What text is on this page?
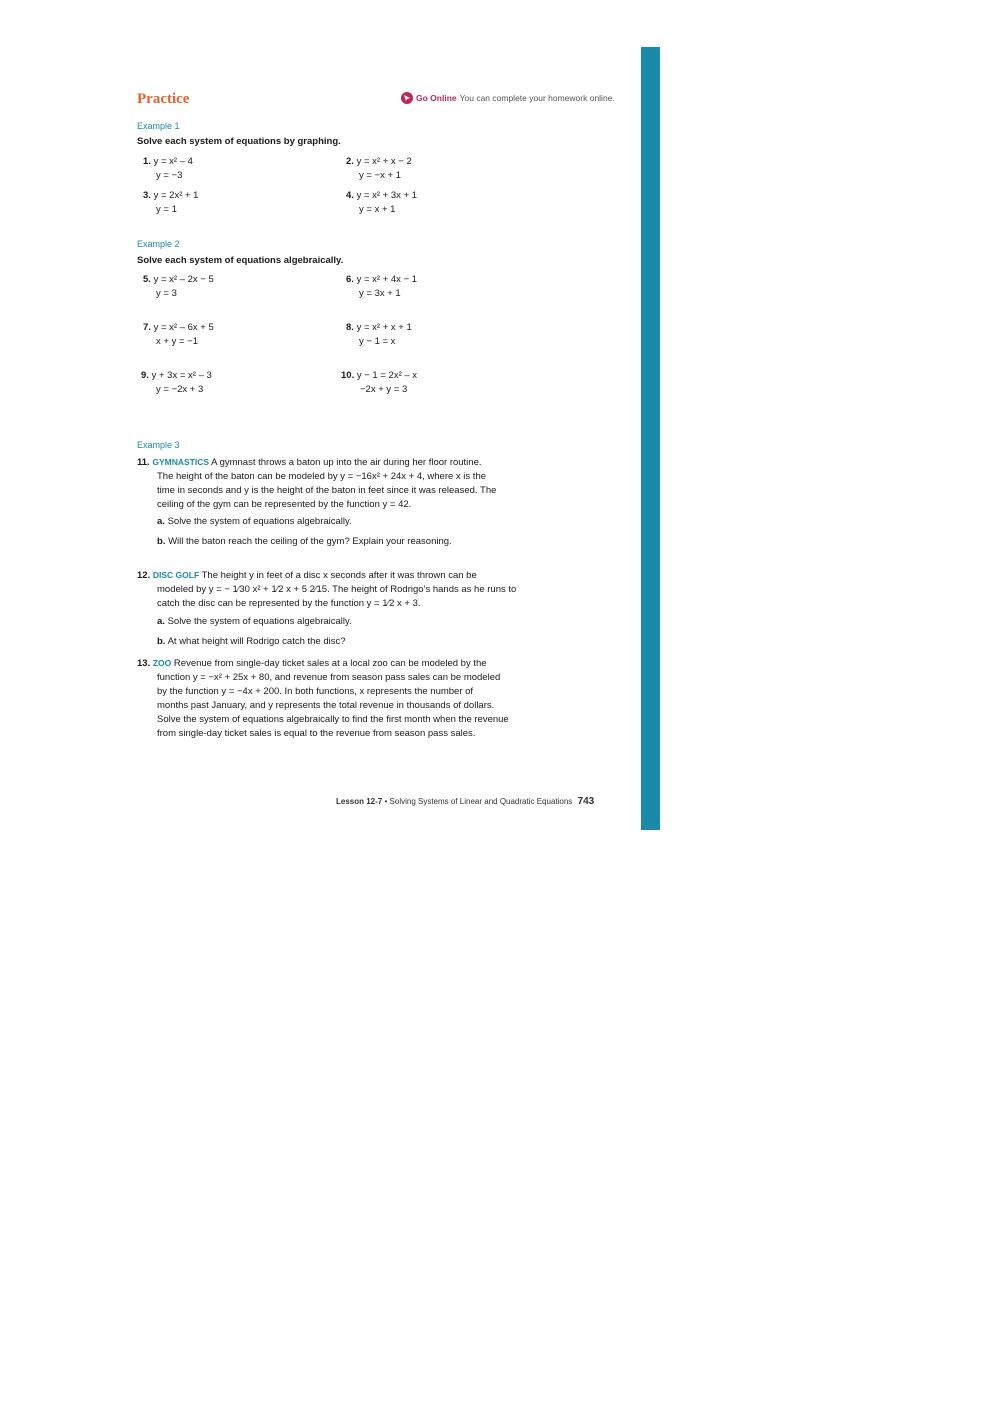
Practice	Go Online You can complete your homework online.
Example 1
Solve each system of equations by graphing.
1. y = x² – 4
y = −3
2. y = x² + x − 2
y = −x + 1
3. y = 2x² + 1
y = 1
4. y = x² + 3x + 1
y = x + 1
Example 2
Solve each system of equations algebraically.
5. y = x² – 2x − 5
y = 3
6. y = x² + 4x − 1
y = 3x + 1
7. y = x² – 6x + 5
x + y = −1
8. y = x² + x + 1
y − 1 = x
9. y + 3x = x² – 3
y = −2x + 3
10. y − 1 = 2x² – x
−2x + y = 3
Example 3
11. GYMNASTICS A gymnast throws a baton up into the air during her floor routine.
The height of the baton can be modeled by y = −16x² + 24x + 4, where x is the
time in seconds and y is the height of the baton in feet since it was released. The
ceiling of the gym can be represented by the function y = 42.
a. Solve the system of equations algebraically.
b. Will the baton reach the ceiling of the gym? Explain your reasoning.
12. DISC GOLF The height y in feet of a disc x seconds after it was thrown can be
modeled by y = − 1⁄30 x² + 1⁄2 x + 5 2⁄15. The height of Rodrigo’s hands as he runs to
catch the disc can be represented by the function y = 1⁄2 x + 3.
a. Solve the system of equations algebraically.
b. At what height will Rodrigo catch the disc?
13. ZOO Revenue from single-day ticket sales at a local zoo can be modeled by the
function y = −x² + 25x + 80, and revenue from season pass sales can be modeled
by the function y = −4x + 200. In both functions, x represents the number of
months past January, and y represents the total revenue in thousands of dollars.
Solve the system of equations algebraically to find the first month when the revenue
from single-day ticket sales is equal to the revenue from season pass sales.
Lesson 12-7 • Solving Systems of Linear and Quadratic Equations 743
